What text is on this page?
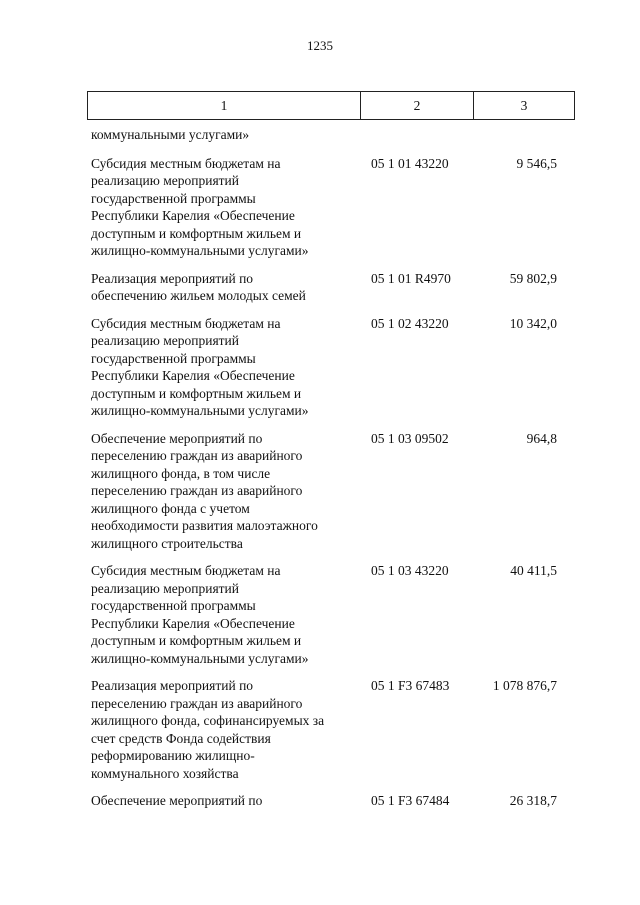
1235
1	2	3
коммунальными услугами»
Субсидия местным бюджетам на
реализацию мероприятий
государственной программы
Республики Карелия «Обеспечение
доступным и комфортным жильем и
жилищно-коммунальными услугами»
05 1 01 43220	9 546,5
Реализация мероприятий по
обеспечению жильем молодых семей
05 1 01 R4970	59 802,9
Субсидия местным бюджетам на
реализацию мероприятий
государственной программы
Республики Карелия «Обеспечение
доступным и комфортным жильем и
жилищно-коммунальными услугами»
05 1 02 43220	10 342,0
Обеспечение мероприятий по
переселению граждан из аварийного
жилищного фонда, в том числе
переселению граждан из аварийного
жилищного фонда с учетом
необходимости развития малоэтажного
жилищного строительства
05 1 03 09502	964,8
Субсидия местным бюджетам на
реализацию мероприятий
государственной программы
Республики Карелия «Обеспечение
доступным и комфортным жильем и
жилищно-коммунальными услугами»
05 1 03 43220	40 411,5
Реализация мероприятий по
переселению граждан из аварийного
жилищного фонда, софинансируемых за
счет средств Фонда содействия
реформированию жилищно-
коммунального хозяйства
05 1 F3 67483	1 078 876,7
Обеспечение мероприятий по	05 1 F3 67484	26 318,7
